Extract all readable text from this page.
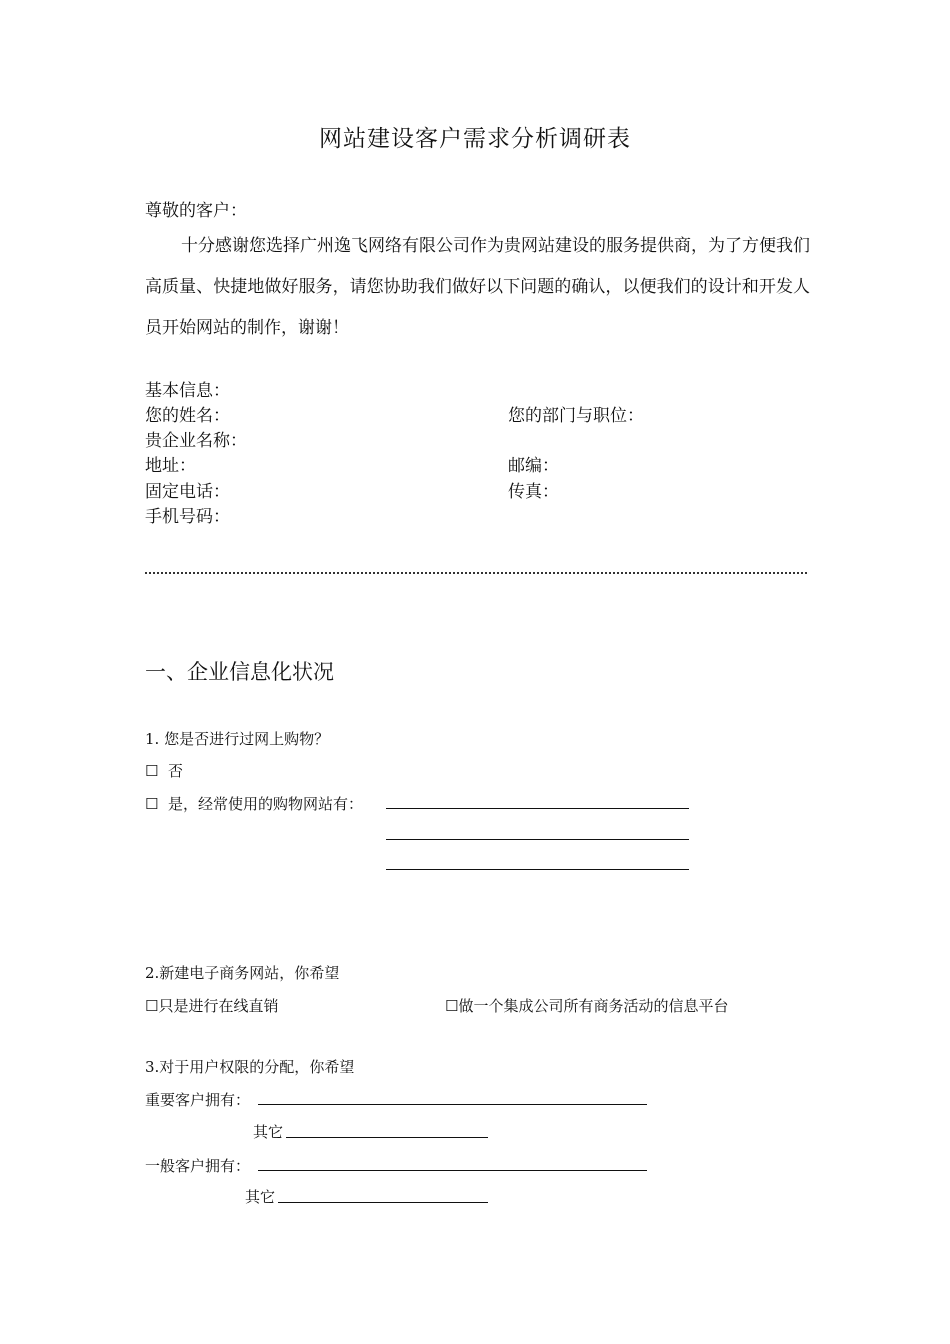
网站建设客户需求分析调研表
尊敬的客户：
十分感谢您选择广州逸飞网络有限公司作为贵网站建设的服务提供商，为了方便我们高质量、快捷地做好服务，请您协助我们做好以下问题的确认，以便我们的设计和开发人员开始网站的制作，谢谢！
基本信息：
您的姓名：	您的部门与职位：
贵企业名称：
地址：	邮编：
固定电话：	传真：
手机号码：
一、企业信息化状况
1. 您是否进行过网上购物？
☐ 否
☐ 是，经常使用的购物网站有：
2.新建电子商务网站，你希望
☐只是进行在线直销	☐做一个集成公司所有商务活动的信息平台
3.对于用户权限的分配，你希望
重要客户拥有：
其它
一般客户拥有：
其它
